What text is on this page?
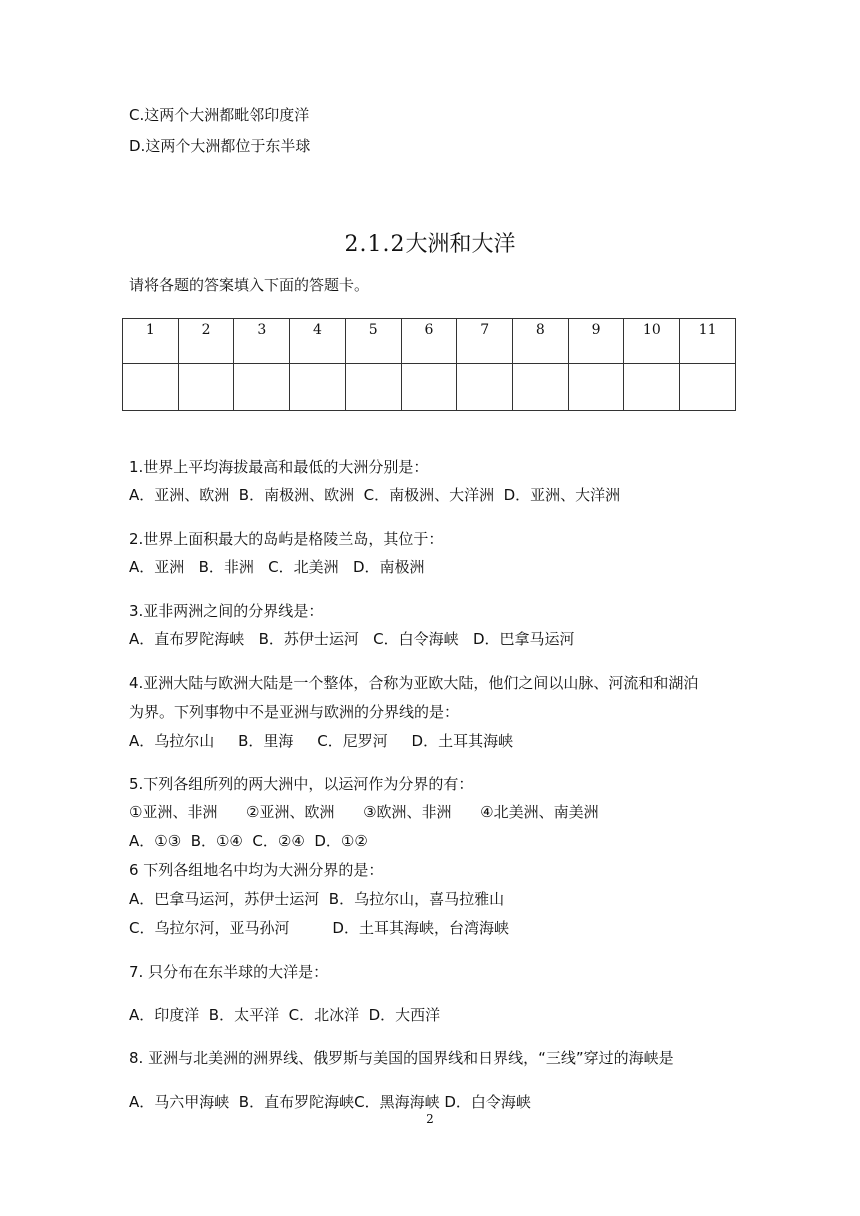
C.这两个大洲都毗邻印度洋
D.这两个大洲都位于东半球
2.1.2大洲和大洋
请将各题的答案填入下面的答题卡。
1	2	3	4	5	6	7	8	9	10	11

1.世界上平均海拔最高和最低的大洲分别是：
A．亚洲、欧洲  B．南极洲、欧洲  C．南极洲、大洋洲  D．亚洲、大洋洲
2.世界上面积最大的岛屿是格陵兰岛，其位于：
A．亚洲   B．非洲   C．北美洲   D．南极洲
3.亚非两洲之间的分界线是：
A．直布罗陀海峡   B．苏伊士运河   C．白令海峡   D．巴拿马运河
4.亚洲大陆与欧洲大陆是一个整体，合称为亚欧大陆，他们之间以山脉、河流和和湖泊
为界。下列事物中不是亚洲与欧洲的分界线的是：
A．乌拉尔山     B．里海     C．尼罗河     D．土耳其海峡
5.下列各组所列的两大洲中，以运河作为分界的有：
①亚洲、非洲      ②亚洲、欧洲      ③欧洲、非洲      ④北美洲、南美洲
A．①③  B．①④  C．②④  D．①②
6 下列各组地名中均为大洲分界的是：
A．巴拿马运河，苏伊士运河  B．乌拉尔山，喜马拉雅山
C．乌拉尔河，亚马孙河         D．土耳其海峡，台湾海峡
7. 只分布在东半球的大洋是：
A．印度洋  B．太平洋  C．北冰洋  D．大西洋
8. 亚洲与北美洲的洲界线、俄罗斯与美国的国界线和日界线，“三线”穿过的海峡是
A．马六甲海峡  B．直布罗陀海峡C．黑海海峡 D．白令海峡
2
